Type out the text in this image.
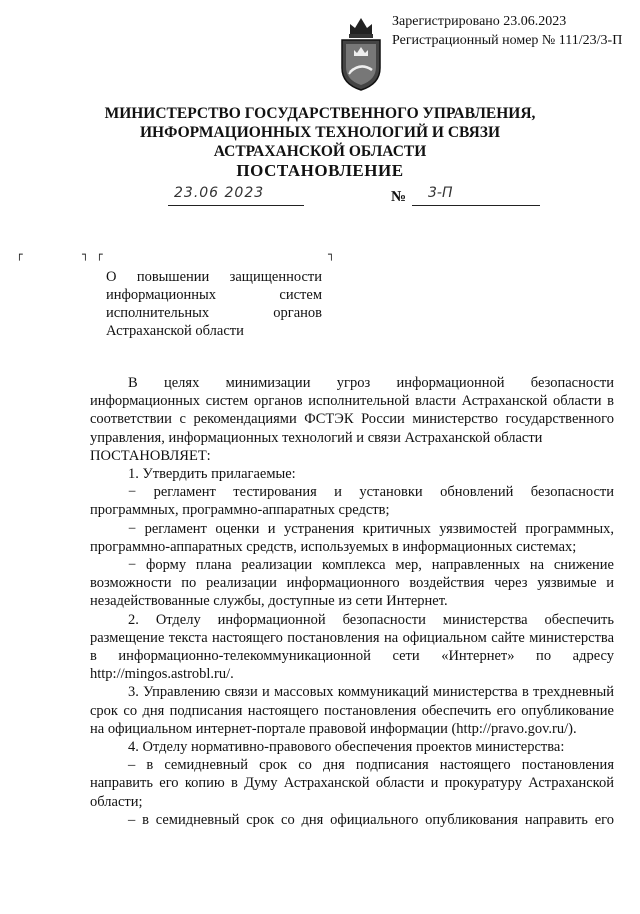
Зарегистрировано 23.06.2023
Регистрационный номер № 111/23/3-П
МИНИСТЕРСТВО ГОСУДАРСТВЕННОГО УПРАВЛЕНИЯ,
ИНФОРМАЦИОННЫХ ТЕХНОЛОГИЙ И СВЯЗИ
АСТРАХАНСКОЙ ОБЛАСТИ
ПОСТАНОВЛЕНИЕ
23.06 2023	№ 3-П
┌	┐ ┌	┐
О повышении защищенности
информационных систем
исполнительных органов
Астраханской области

В целях минимизации угроз информационной безопасности информационных систем органов исполнительной власти Астраханской области в соответствии с рекомендациями ФСТЭК России министерство государственного управления, информационных технологий и связи Астраханской области

ПОСТАНОВЛЯЕТ:

1. Утвердить прилагаемые:

− регламент тестирования и установки обновлений безопасности программных, программно-аппаратных средств;

− регламент оценки и устранения критичных уязвимостей программных, программно-аппаратных средств, используемых в информационных системах;

− форму плана реализации комплекса мер, направленных на снижение возможности по реализации информационного воздействия через уязвимые и незадействованные службы, доступные из сети Интернет.

2. Отделу информационной безопасности министерства обеспечить размещение текста настоящего постановления на официальном сайте министерства в информационно-телекоммуникационной сети «Интернет» по адресу http://mingos.astrobl.ru/.

3. Управлению связи и массовых коммуникаций министерства в трехдневный срок со дня подписания настоящего постановления обеспечить его опубликование на официальном интернет-портале правовой информации (http://pravo.gov.ru/).

4. Отделу нормативно-правового обеспечения проектов министерства:

– в семидневный срок со дня подписания настоящего постановления направить его копию в Думу Астраханской области и прокуратуру Астраханской области;

– в семидневный срок со дня официального опубликования направить его
